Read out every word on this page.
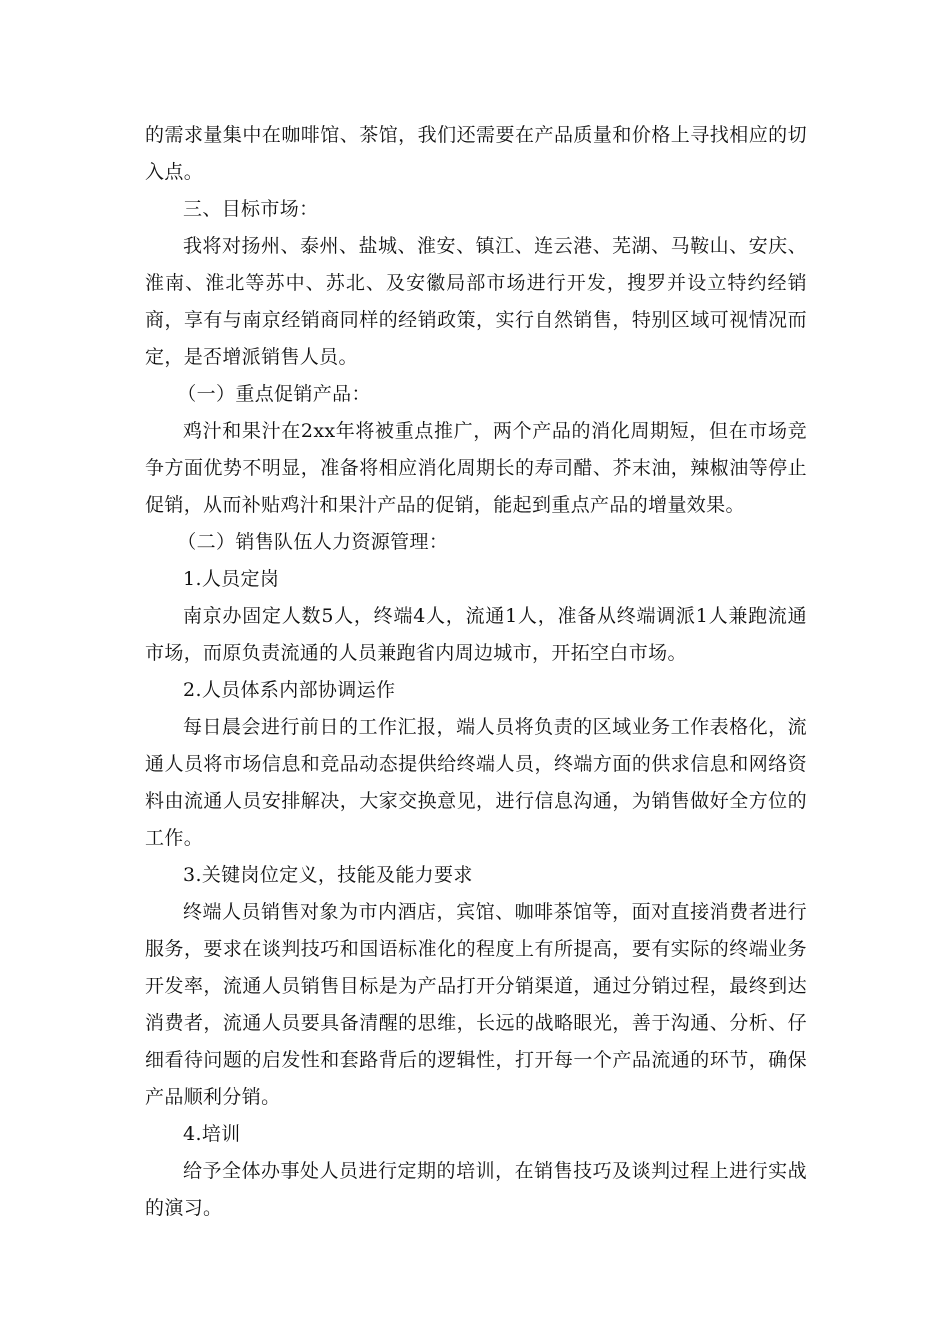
的需求量集中在咖啡馆、茶馆，我们还需要在产品质量和价格上寻找相应的切入点。

三、目标市场：

我将对扬州、泰州、盐城、淮安、镇江、连云港、芜湖、马鞍山、安庆、淮南、淮北等苏中、苏北、及安徽局部市场进行开发，搜罗并设立特约经销商，享有与南京经销商同样的经销政策，实行自然销售，特别区域可视情况而定，是否增派销售人员。

（一）重点促销产品：

鸡汁和果汁在2xx年将被重点推广，两个产品的消化周期短，但在市场竞争方面优势不明显，准备将相应消化周期长的寿司醋、芥末油，辣椒油等停止促销，从而补贴鸡汁和果汁产品的促销，能起到重点产品的增量效果。

（二）销售队伍人力资源管理：

1.人员定岗

南京办固定人数5人，终端4人，流通1人，准备从终端调派1人兼跑流通市场，而原负责流通的人员兼跑省内周边城市，开拓空白市场。

2.人员体系内部协调运作

每日晨会进行前日的工作汇报，端人员将负责的区域业务工作表格化，流通人员将市场信息和竞品动态提供给终端人员，终端方面的供求信息和网络资料由流通人员安排解决，大家交换意见，进行信息沟通，为销售做好全方位的工作。

3.关键岗位定义，技能及能力要求

终端人员销售对象为市内酒店，宾馆、咖啡茶馆等，面对直接消费者进行服务，要求在谈判技巧和国语标准化的程度上有所提高，要有实际的终端业务开发率，流通人员销售目标是为产品打开分销渠道，通过分销过程，最终到达消费者，流通人员要具备清醒的思维，长远的战略眼光，善于沟通、分析、仔细看待问题的启发性和套路背后的逻辑性，打开每一个产品流通的环节，确保产品顺利分销。

4.培训

给予全体办事处人员进行定期的培训，在销售技巧及谈判过程上进行实战的演习。
